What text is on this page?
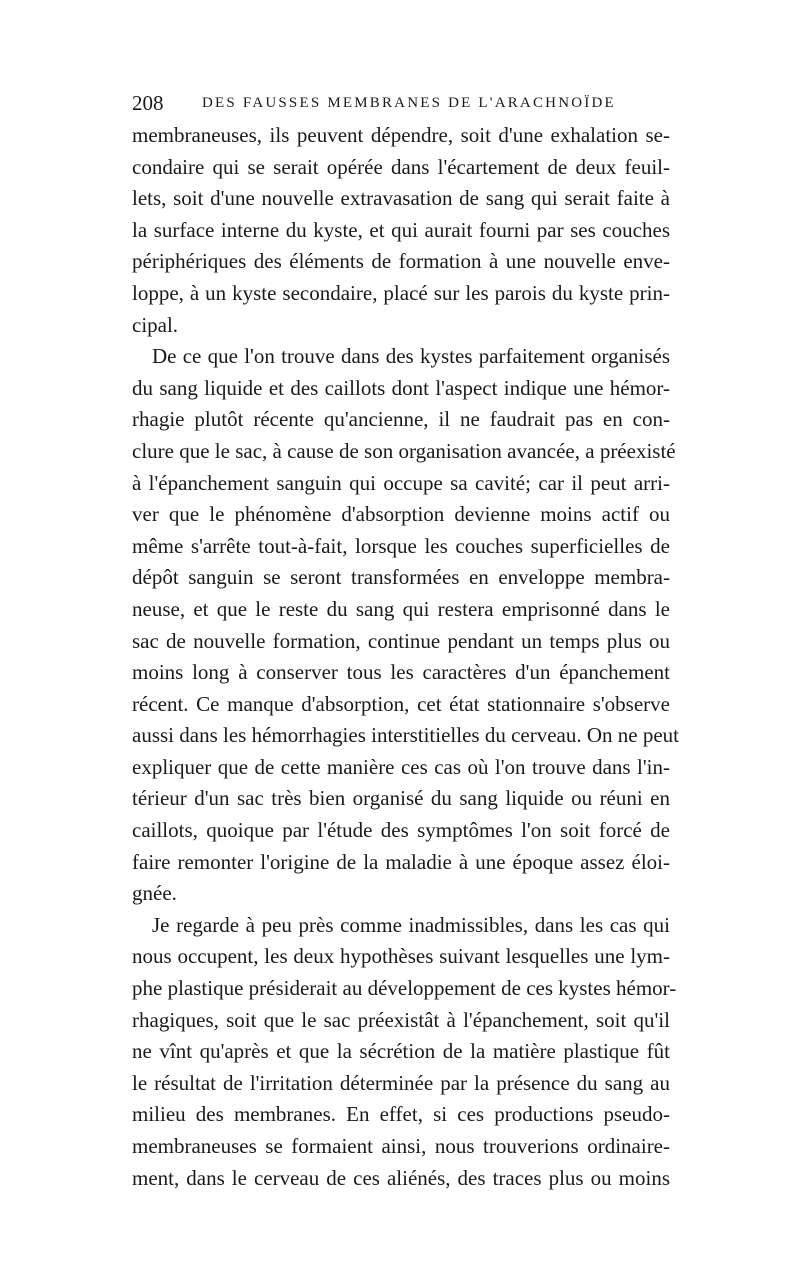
208	DES FAUSSES MEMBRANES DE L'ARACHNOÏDE
membraneuses, ils peuvent dépendre, soit d'une exhalation se-
condaire qui se serait opérée dans l'écartement de deux feuil-
lets, soit d'une nouvelle extravasation de sang qui serait faite à
la surface interne du kyste, et qui aurait fourni par ses couches
périphériques des éléments de formation à une nouvelle enve-
loppe, à un kyste secondaire, placé sur les parois du kyste prin-
cipal.
De ce que l'on trouve dans des kystes parfaitement organisés
du sang liquide et des caillots dont l'aspect indique une hémor-
rhagie plutôt récente qu'ancienne, il ne faudrait pas en con-
clure que le sac, à cause de son organisation avancée, a préexisté
à l'épanchement sanguin qui occupe sa cavité; car il peut arri-
ver que le phénomène d'absorption devienne moins actif ou
même s'arrête tout-à-fait, lorsque les couches superficielles de
dépôt sanguin se seront transformées en enveloppe membra-
neuse, et que le reste du sang qui restera emprisonné dans le
sac de nouvelle formation, continue pendant un temps plus ou
moins long à conserver tous les caractères d'un épanchement
récent. Ce manque d'absorption, cet état stationnaire s'observe
aussi dans les hémorrhagies interstitielles du cerveau. On ne peut
expliquer que de cette manière ces cas où l'on trouve dans l'in-
térieur d'un sac très bien organisé du sang liquide ou réuni en
caillots, quoique par l'étude des symptômes l'on soit forcé de
faire remonter l'origine de la maladie à une époque assez éloi-
gnée.
Je regarde à peu près comme inadmissibles, dans les cas qui
nous occupent, les deux hypothèses suivant lesquelles une lym-
phe plastique présiderait au développement de ces kystes hémor-
rhagiques, soit que le sac préexistât à l'épanchement, soit qu'il
ne vînt qu'après et que la sécrétion de la matière plastique fût
le résultat de l'irritation déterminée par la présence du sang au
milieu des membranes. En effet, si ces productions pseudo-
membraneuses se formaient ainsi, nous trouverions ordinaire-
ment, dans le cerveau de ces aliénés, des traces plus ou moins
